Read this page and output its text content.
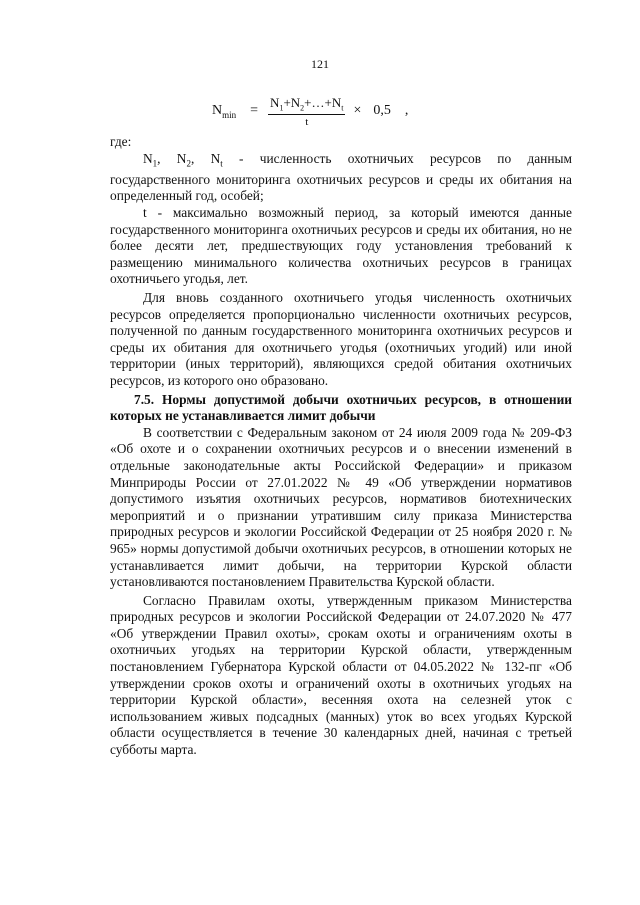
121
$N_{min} = \frac{N_1+N_2+\dots+N_t}{t} \times 0,5$ ,

где:

$N_1$, $N_2$, $N_t$ - численность охотничьих ресурсов по данным государственного мониторинга охотничьих ресурсов и среды их обитания на определенный год, особей;

t - максимально возможный период, за который имеются данные государственного мониторинга охотничьих ресурсов и среды их обитания, но не более десяти лет, предшествующих году установления требований к размещению минимального количества охотничьих ресурсов в границах охотничьего угодья, лет.

Для вновь созданного охотничьего угодья численность охотничьих ресурсов определяется пропорционально численности охотничьих ресурсов, полученной по данным государственного мониторинга охотничьих ресурсов и среды их обитания для охотничьего угодья (охотничьих угодий) или иной территории (иных территорий), являющихся средой обитания охотничьих ресурсов, из которого оно образовано.

7.5. Нормы допустимой добычи охотничьих ресурсов, в отношении которых не устанавливается лимит добычи

В соответствии с Федеральным законом от 24 июля 2009 года № 209-ФЗ «Об охоте и о сохранении охотничьих ресурсов и о внесении изменений в отдельные законодательные акты Российской Федерации» и приказом Минприроды России от 27.01.2022 № 49 «Об утверждении нормативов допустимого изъятия охотничьих ресурсов, нормативов биотехнических мероприятий и о признании утратившим силу приказа Министерства природных ресурсов и экологии Российской Федерации от 25 ноября 2020 г. № 965» нормы допустимой добычи охотничьих ресурсов, в отношении которых не устанавливается лимит добычи, на территории Курской области установливаются постановлением Правительства Курской области.

Согласно Правилам охоты, утвержденным приказом Министерства природных ресурсов и экологии Российской Федерации от 24.07.2020 № 477 «Об утверждении Правил охоты», срокам охоты и ограничениям охоты в охотничьих угодьях на территории Курской области, утвержденным постановлением Губернатора Курской области от 04.05.2022 № 132-пг «Об утверждении сроков охоты и ограничений охоты в охотничьих угодьях на территории Курской области», весенняя охота на селезней уток с использованием живых подсадных (манных) уток во всех угодьях Курской области осуществляется в течение 30 календарных дней, начиная с третьей субботы марта.
